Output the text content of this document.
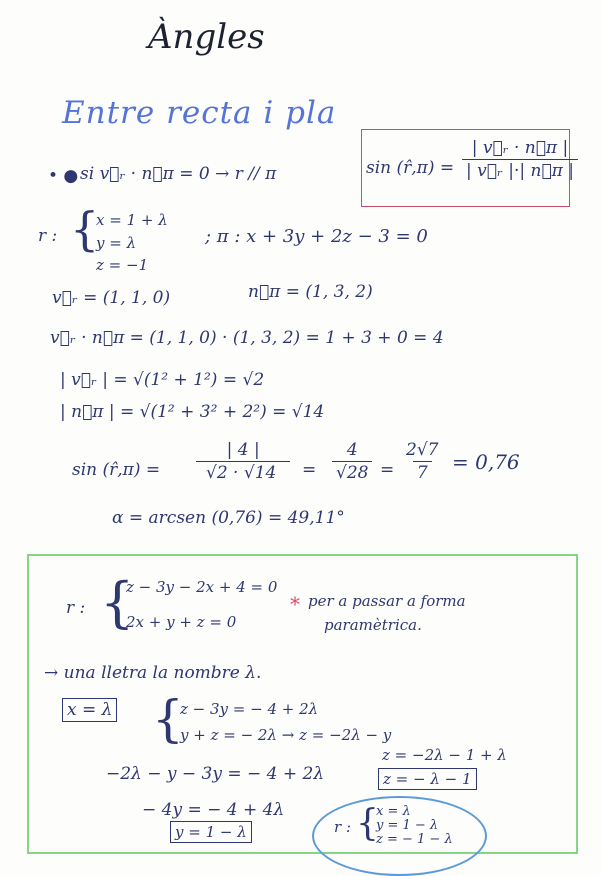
Àngles
Entre recta i pla
• ● si v⃗ᵣ · n⃗π = 0 → r // π	sin (r̂,π) = $\frac{\text{| v⃗ᵣ · n⃗π |}}{\text{| v⃗ᵣ |·| n⃗π |}}$
r : {
x = 1 + λ
y = λ
z = −1
; π : x + 3y + 2z − 3 = 0
v⃗ᵣ = (1, 1, 0)	n⃗π = (1, 3, 2)
v⃗ᵣ · n⃗π = (1, 1, 0) · (1, 3, 2) = 1 + 3 + 0 = 4
| v⃗ᵣ | = √(1² + 1²) = √2
| n⃗π | = √(1² + 3² + 2²) = √14
sin (r̂,π) = $\frac{| 4 |}{√2 \cdot √14} = \frac{4}{√28} = \frac{2√7}{7} = 0,76$
α = arcsen (0,76) = 49,11°
r : {
z − 3y − 2x + 4 = 0
2x + y + z = 0
* per a passar a forma
paramètrica.
→ una lletra la nombre λ.
x = λ {
z − 3y = − 4 + 2λ
y + z = − 2λ → z = −2λ − y
z = −2λ − 1 + λ
z = − λ − 1
−2λ − y − 3y = − 4 + 2λ
− 4y = − 4 + 4λ
y = 1 − λ	r : {
x = λ
y = 1 − λ
z = − 1 − λ
